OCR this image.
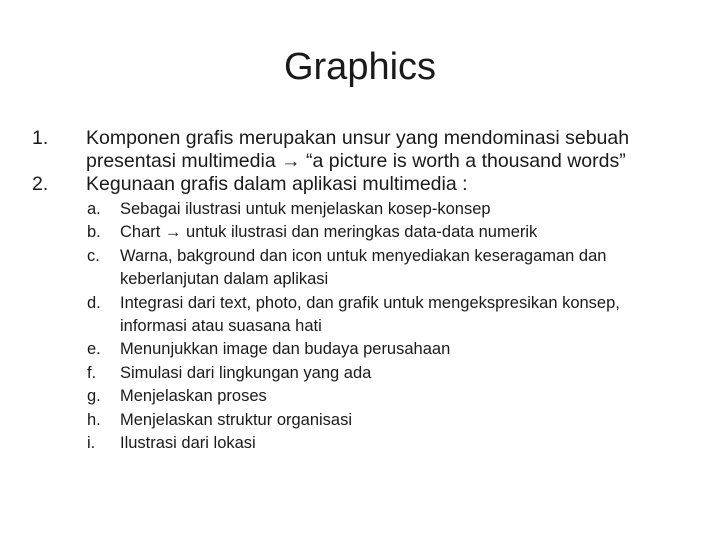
Graphics
1.	Komponen grafis merupakan unsur yang mendominasi sebuah presentasi multimedia → “a picture is worth a thousand words”
2.	Kegunaan grafis dalam aplikasi multimedia :
a.	Sebagai ilustrasi untuk menjelaskan kosep-konsep
b.	Chart → untuk ilustrasi dan meringkas data-data numerik
c.	Warna, bakground dan icon untuk menyediakan keseragaman dan keberlanjutan dalam aplikasi
d.	Integrasi dari text, photo, dan grafik untuk mengekspresikan konsep, informasi atau suasana hati
e.	Menunjukkan image dan budaya perusahaan
f.	Simulasi dari lingkungan yang ada
g.	Menjelaskan proses
h.	Menjelaskan struktur organisasi
i.	Ilustrasi dari lokasi
